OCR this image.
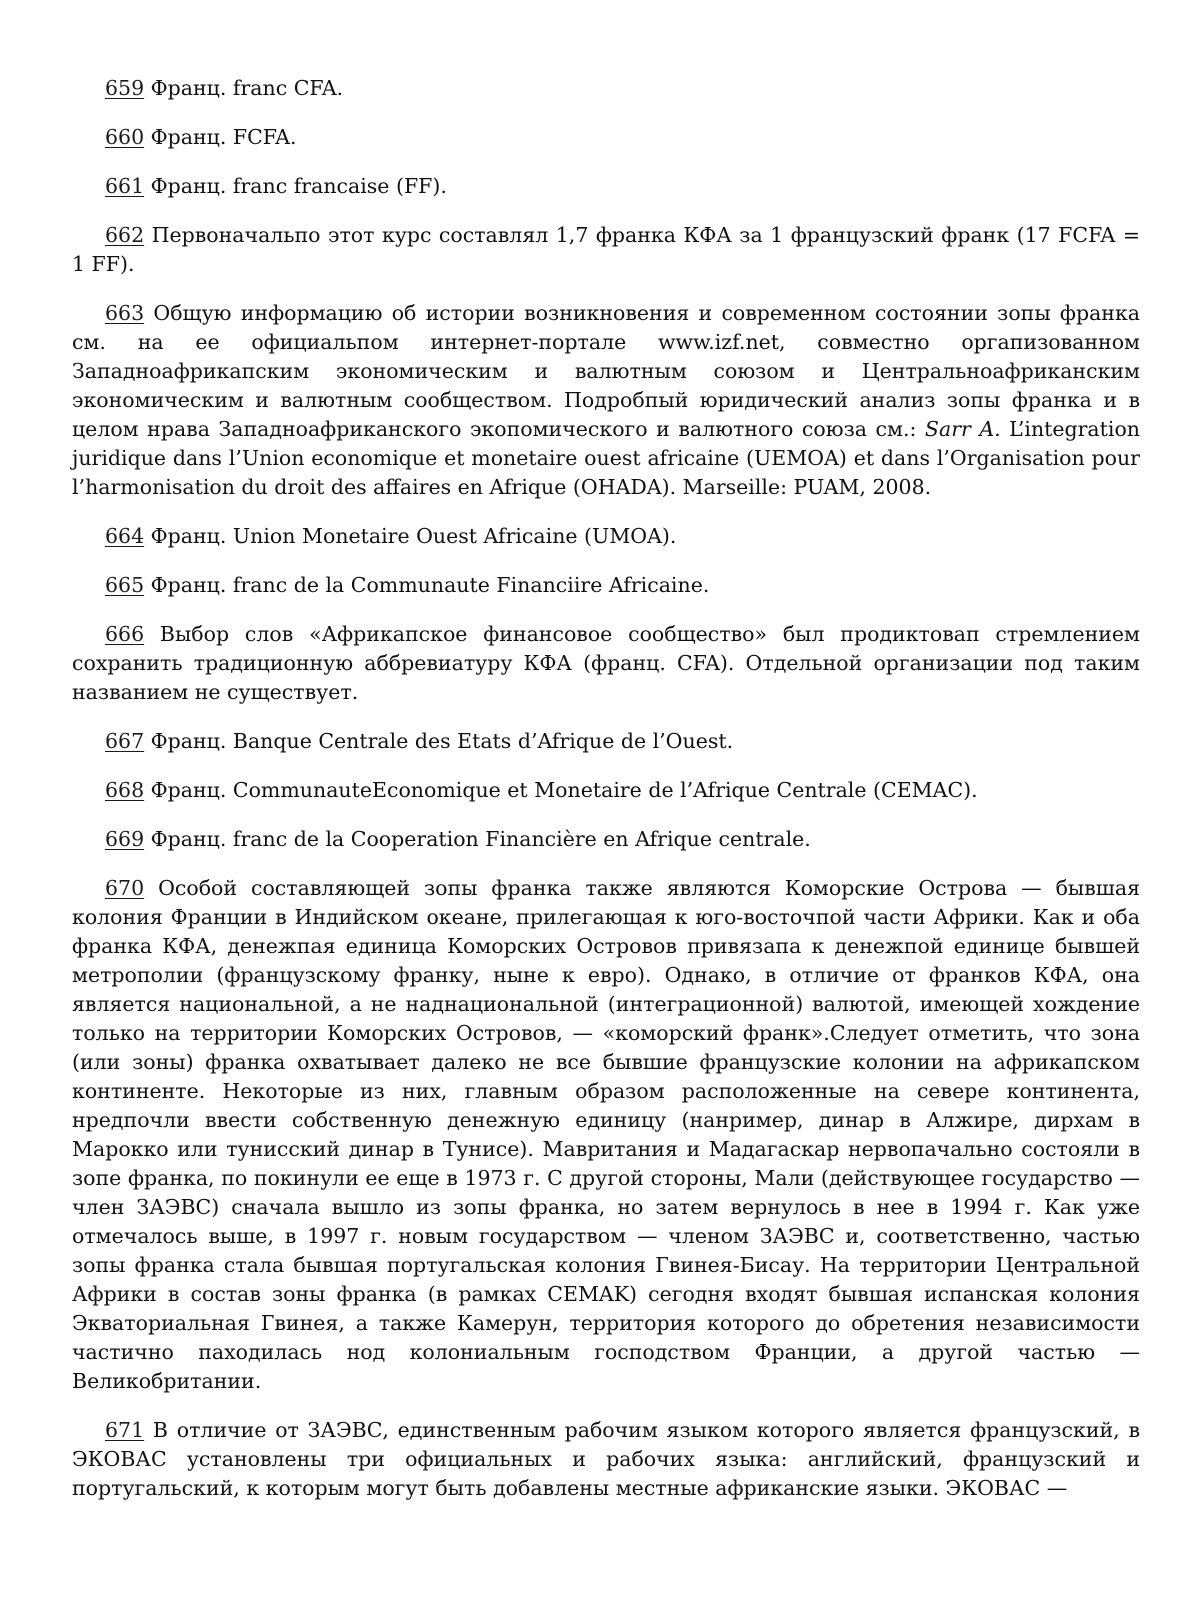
659 Франц. franc CFA.

660 Франц. FCFA.

661 Франц. franc francaise (FF).

662 Первоначальпо этот курс составлял 1,7 франка КФА за 1 французский франк (17 FCFA = 1 FF).

663 Общую информацию об истории возникновения и современном состоянии зопы франка см. на ее официальпом интернет-портале www.izf.net, совместно оргапизованном Западноафрикапским экономическим и валютным союзом и Центральноафриканским экономическим и валютным сообществом. Подробпый юридический анализ зопы франка и в целом нрава Западноафриканского экопомического и валютного союза см.: Sarr A. L’integration juridique dans l’Union economique et monetaire ouest africaine (UEMOA) et dans l’Organisation pour l’harmonisation du droit des affaires en Afrique (OHADA). Marseille: PUAM, 2008.

664 Франц. Union Monetaire Ouest Africaine (UMOA).

665 Франц. franc de la Communaute Financiire Africaine.

666 Выбор слов «Африкапское финансовое сообщество» был продиктовап стремлением сохранить традиционную аббревиатуру КФА (франц. CFA). Отдельной организации под таким названием не существует.

667 Франц. Banque Centrale des Etats d’Afrique de l’Ouest.

668 Франц. CommunauteEconomique et Monetaire de l’Afrique Centrale (CEMAC).

669 Франц. franc de la Cooperation Financière en Afrique centrale.

670 Особой составляющей зопы франка также являются Коморские Острова — бывшая колония Франции в Индийском океане, прилегающая к юго-восточпой части Африки. Как и оба франка КФА, денежпая единица Коморских Островов привязапа к денежпой единице бывшей метрополии (французскому франку, ныне к евро). Однако, в отличие от франков КФА, она является национальной, а не наднациональной (интеграционной) валютой, имеющей хождение только на территории Коморских Островов, — «коморский франк».Следует отметить, что зона (или зоны) франка охватывает далеко не все бывшие французские колонии на африкапском континенте. Некоторые из них, главным образом расположенные на севере континента, нредпочли ввести собственную денежную единицу (нанример, динар в Алжире, дирхам в Марокко или тунисский динар в Тунисе). Мавритания и Мадагаскар нервопачально состояли в зопе франка, по покинули ее еще в 1973 г. С другой стороны, Мали (действующее государство — член ЗАЭВС) сначала вышло из зопы франка, но затем вернулось в нее в 1994 г. Как уже отмечалось выше, в 1997 г. новым государством — членом ЗАЭВС и, соответственно, частью зопы франка стала бывшая португальская колония Гвинея-Бисау. На территории Центральной Африки в состав зоны франка (в рамках CEMAK) сегодня входят бывшая испанская колония Экваториальная Гвинея, а также Камерун, территория которого до обретения независимости частично паходилась нод колониальным господством Франции, а другой частью — Великобритании.

671 В отличие от ЗАЭВС, единственным рабочим языком которого является французский, в ЭКОВАС установлены три официальных и рабочих языка: английский, французский и португальский, к которым могут быть добавлены местные африканские языки. ЭКОВАС —
